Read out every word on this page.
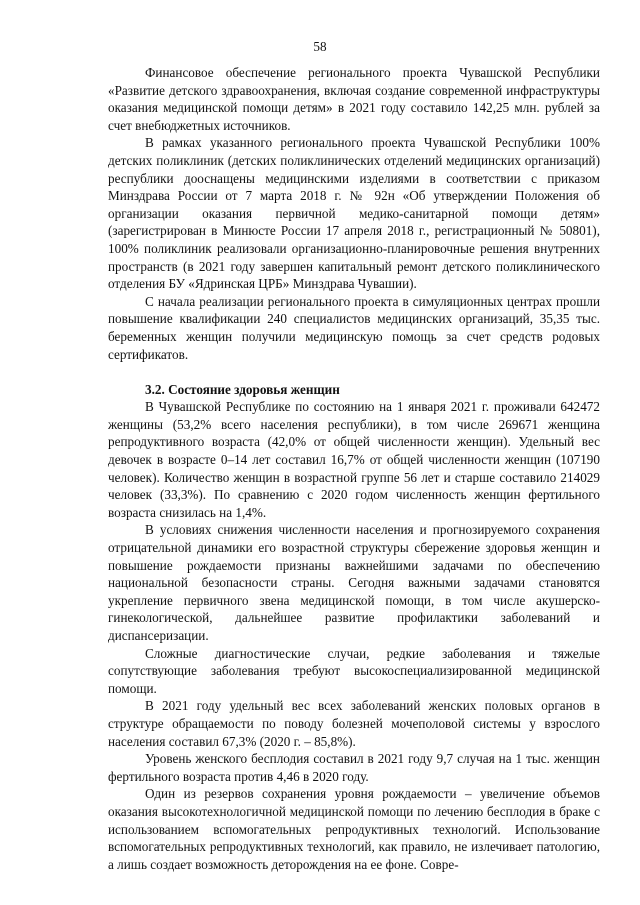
58

Финансовое обеспечение регионального проекта Чувашской Республики «Развитие детского здравоохранения, включая создание современной инфраструктуры оказания медицинской помощи детям» в 2021 году составило 142,25 млн. рублей за счет внебюджетных источников.

В рамках указанного регионального проекта Чувашской Республики 100% детских поликлиник (детских поликлинических отделений медицинских организаций) республики дооснащены медицинскими изделиями в соответствии с приказом Минздрава России от 7 марта 2018 г. № 92н «Об утверждении Положения об организации оказания первичной медико-санитарной помощи детям» (зарегистрирован в Минюсте России 17 апреля 2018 г., регистрационный № 50801), 100% поликлиник реализовали организационно-планировочные решения внутренних пространств (в 2021 году завершен капитальный ремонт детского поликлинического отделения БУ «Ядринская ЦРБ» Минздрава Чувашии).

С начала реализации регионального проекта в симуляционных центрах прошли повышение квалификации 240 специалистов медицинских организаций, 35,35 тыс. беременных женщин получили медицинскую помощь за счет средств родовых сертификатов.

3.2. Состояние здоровья женщин

В Чувашской Республике по состоянию на 1 января 2021 г. проживали 642472 женщины (53,2% всего населения республики), в том числе 269671 женщина репродуктивного возраста (42,0% от общей численности женщин). Удельный вес девочек в возрасте 0–14 лет составил 16,7% от общей численности женщин (107190 человек). Количество женщин в возрастной группе 56 лет и старше составило 214029 человек (33,3%). По сравнению с 2020 годом численность женщин фертильного возраста снизилась на 1,4%.

В условиях снижения численности населения и прогнозируемого сохранения отрицательной динамики его возрастной структуры сбережение здоровья женщин и повышение рождаемости признаны важнейшими задачами по обеспечению национальной безопасности страны. Сегодня важными задачами становятся укрепление первичного звена медицинской помощи, в том числе акушерско-гинекологической, дальнейшее развитие профилактики заболеваний и диспансеризации.

Сложные диагностические случаи, редкие заболевания и тяжелые сопутствующие заболевания требуют высокоспециализированной медицинской помощи.

В 2021 году удельный вес всех заболеваний женских половых органов в структуре обращаемости по поводу болезней мочеполовой системы у взрослого населения составил 67,3% (2020 г. – 85,8%).

Уровень женского бесплодия составил в 2021 году 9,7 случая на 1 тыс. женщин фертильного возраста против 4,46 в 2020 году.

Один из резервов сохранения уровня рождаемости – увеличение объемов оказания высокотехнологичной медицинской помощи по лечению бесплодия в браке с использованием вспомогательных репродуктивных технологий. Использование вспомогательных репродуктивных технологий, как правило, не излечивает патологию, а лишь создает возможность деторождения на ее фоне. Совре-
